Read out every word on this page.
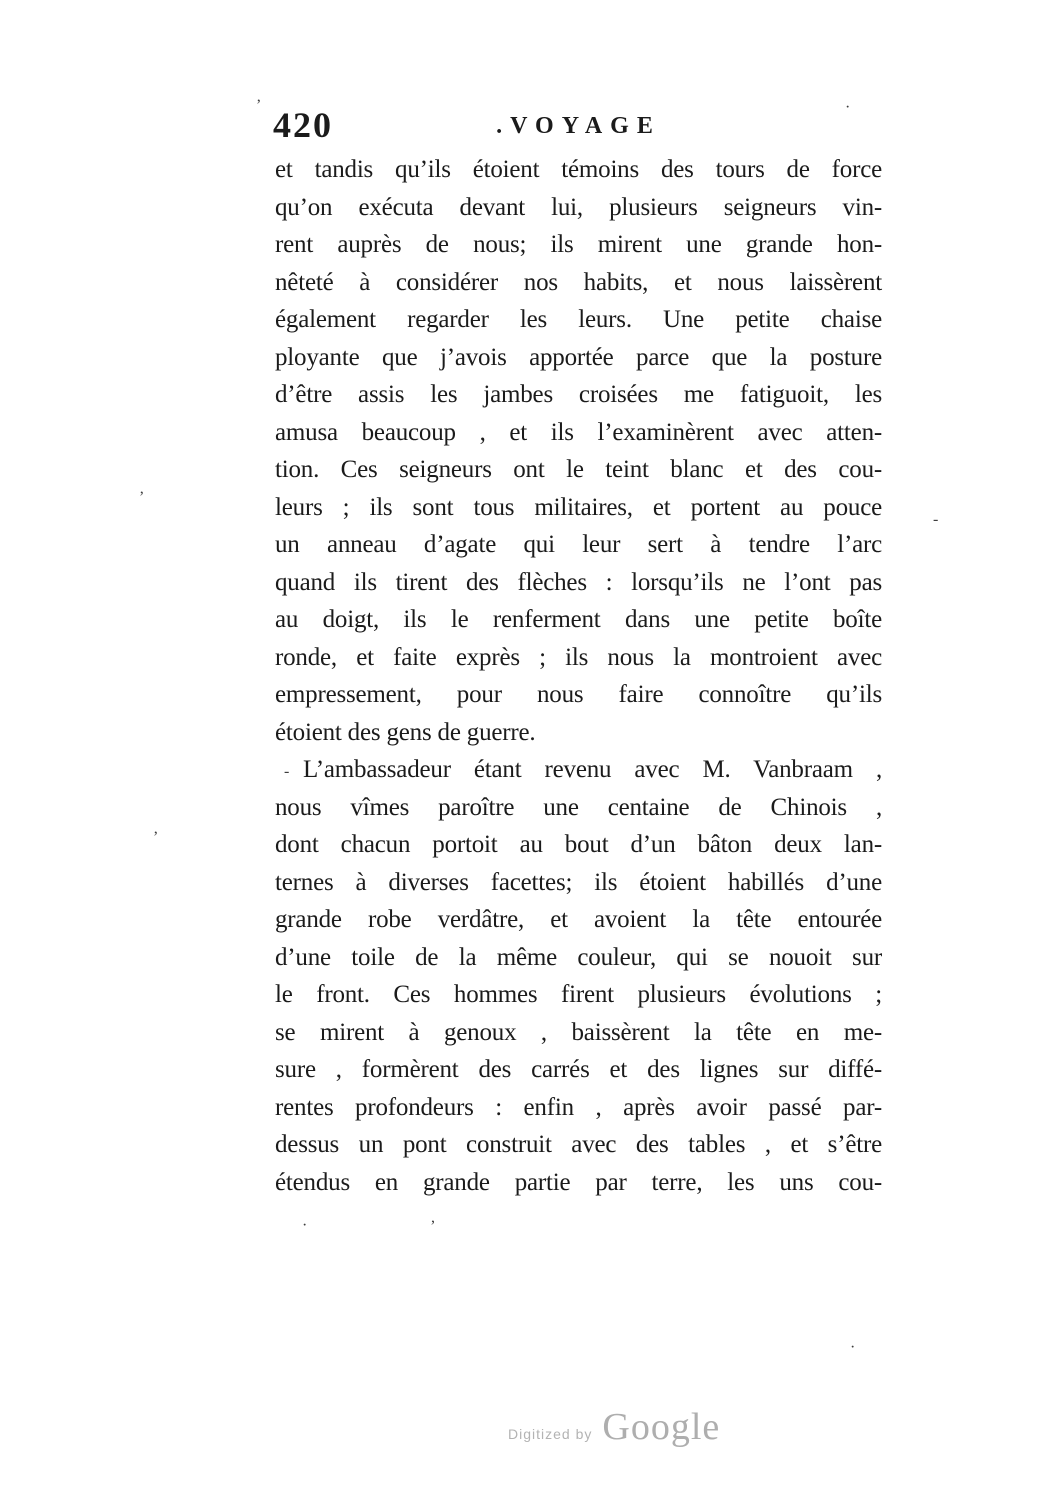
420	.VOYAGE
et tandis qu’ils étoient témoins des tours de force
qu’on exécuta devant lui, plusieurs seigneurs vin-
rent auprès de nous; ils mirent une grande hon-
nêteté à considérer nos habits, et nous laissèrent
également regarder les leurs. Une petite chaise
ployante que j’avois apportée parce que la posture
d’être assis les jambes croisées me fatiguoit, les
amusa beaucoup , et ils l’examinèrent avec atten-
tion. Ces seigneurs ont le teint blanc et des cou-
leurs ; ils sont tous militaires, et portent au pouce
un anneau d’agate qui leur sert à tendre l’arc
quand ils tirent des flèches : lorsqu’ils ne l’ont pas
au doigt, ils le renferment dans une petite boîte
ronde, et faite exprès ; ils nous la montroient avec
empressement, pour nous faire connoître qu’ils
étoient des gens de guerre.
L’ambassadeur étant revenu avec M. Vanbraam ,
nous vîmes paroître une centaine de Chinois ,
dont chacun portoit au bout d’un bâton deux lan-
ternes à diverses facettes; ils étoient habillés d’une
grande robe verdâtre, et avoient la tête entourée
d’une toile de la même couleur, qui se nouoit sur
le front. Ces hommes firent plusieurs évolutions ;
se mirent à genoux , baissèrent la tête en me-
sure , formèrent des carrés et des lignes sur diffé-
rentes profondeurs : enfin , après avoir passé par-
dessus un pont construit avec des tables , et s’être
étendus en grande partie par terre, les uns cou-
Digitized by Google
’	·
-
’
’
-
,
·
·
